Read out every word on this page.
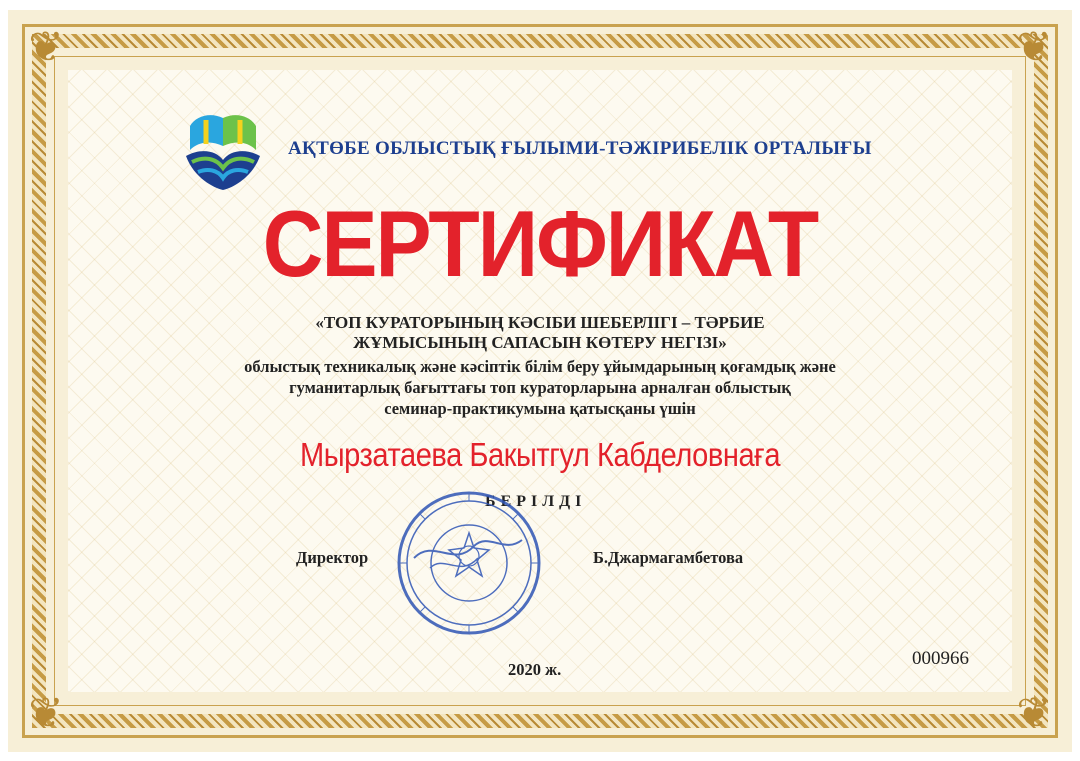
❦	❦
❦	❦
АҚТӨБЕ ОБЛЫСТЫҚ ҒЫЛЫМИ-ТӘЖІРИБЕЛІК ОРТАЛЫҒЫ
СЕРТИФИКАТ
«ТОП КУРАТОРЫНЫҢ КӘСІБИ ШЕБЕРЛІГІ – ТӘРБИЕ
ЖҰМЫСЫНЫҢ САПАСЫН КӨТЕРУ НЕГІЗІ»
облыстық техникалық және кәсіптік білім беру ұйымдарының қоғамдық және
гуманитарлық бағыттағы топ кураторларына арналған облыстық
семинар-практикумына қатысқаны үшін
Мырзатаева Бакытгул Кабделовнаға
БЕРІЛДІ
Директор	Б.Джармагамбетова
2020 ж.
000966
